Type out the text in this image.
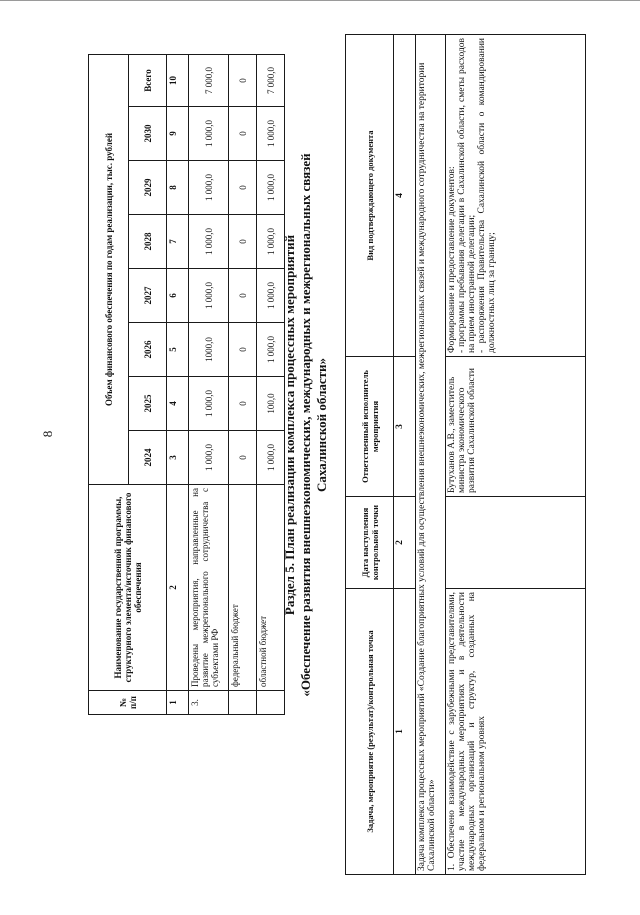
8
№ п/п	Наименование государственной программы, структурного элемента/источник финансового обеспечения	Объем финансового обеспечения по годам реализации, тыс. рублей							
		2024	2025	2026	2027	2028	2029	2030	Всего
1	2	3	4	5	6	7	8	9	10
3.	Проведены мероприятия, направленные на развитие межрегионального сотрудничества с субъектами РФ	1 000,0	1 000,0	1000,0	1 000,0	1 000,0	1 000,0	1 000,0	7 000,0
	федеральный бюджет	0	0	0	0	0	0	0	0
	областной бюджет	1 000,0	100,0	1 000,0	1 000,0	1 000,0	1 000,0	1 000,0	7 000,0
Раздел 5. План реализации комплекса процессных мероприятий «Обеспечение развития внешнеэкономических, международных и межрегиональных связей Сахалинской области»
Задача, мероприятие (результат)/контрольная точка	Дата наступления контрольной точки	Ответственный исполнитель мероприятия	Вид подтверждающего документа
1	2	3	4
Задача комплекса процессных мероприятий «Создание благоприятных условий для осуществления внешнеэкономических, межрегиональных связей и международного сотрудничества на территории Сахалинской области»			
1. Обеспечено взаимодействие с зарубежными представителями, участие в международных мероприятиях и в деятельности международных организаций и структур, созданных на федеральном и региональном уровнях		Бутуханов А.В., заместитель министра экономического развития Сахалинской области	Формирование и предоставление документов: - программы пребывания делегации в Сахалинской области, сметы расходов на прием иностранной делегации; - распоряжения Правительства Сахалинской области о командировании должностных лиц за границу;
